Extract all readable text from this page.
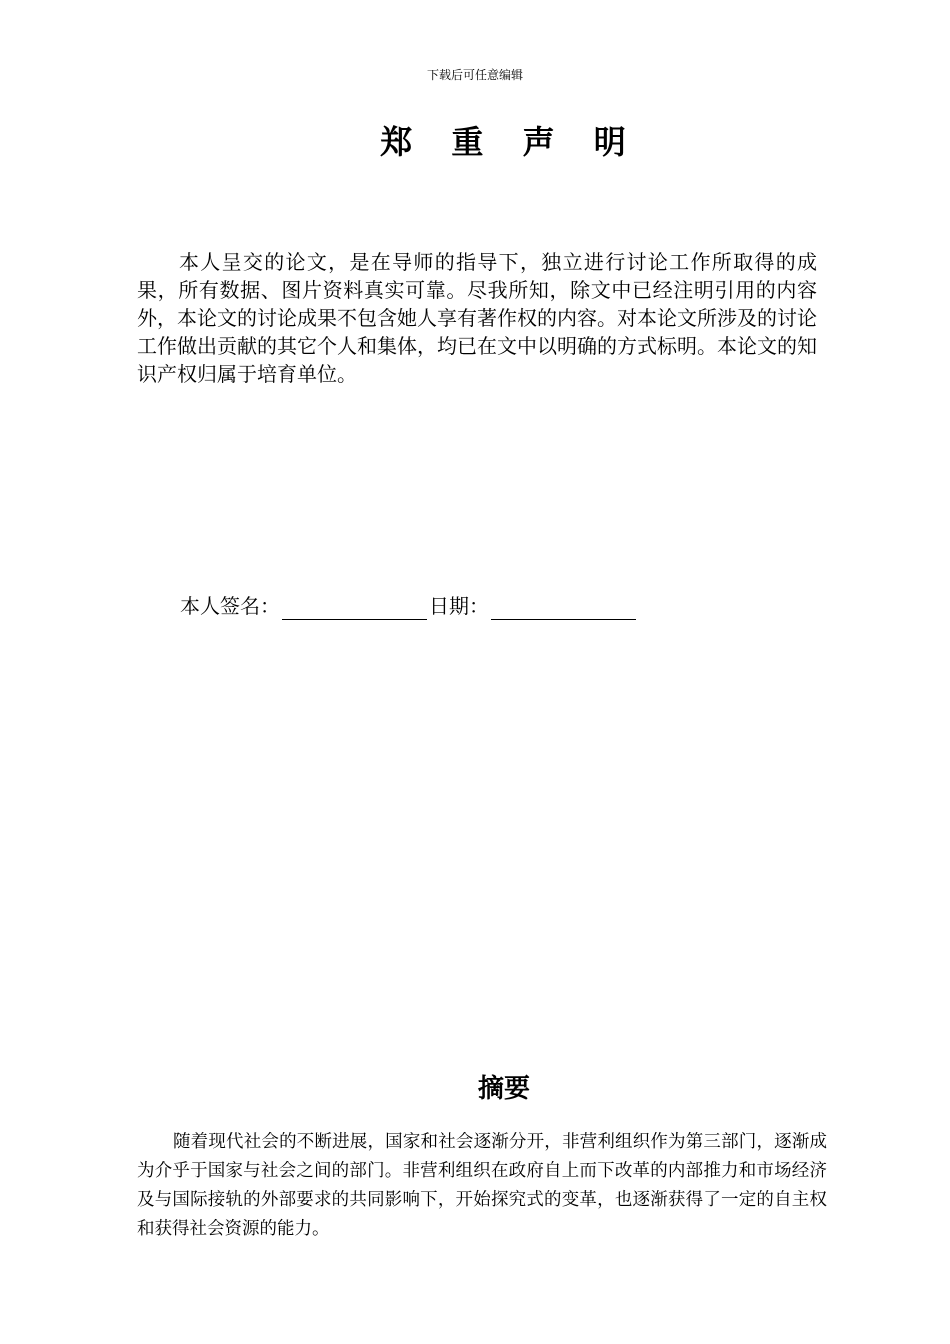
下载后可任意编辑
郑 重 声 明

本人呈交的论文，是在导师的指导下，独立进行讨论工作所取得的成果，所有数据、图片资料真实可靠。尽我所知，除文中已经注明引用的内容外，本论文的讨论成果不包含她人享有著作权的内容。对本论文所涉及的讨论工作做出贡献的其它个人和集体，均已在文中以明确的方式标明。本论文的知识产权归属于培育单位。

本人签名：	日期：
摘要

随着现代社会的不断进展，国家和社会逐渐分开，非营利组织作为第三部门，逐渐成为介乎于国家与社会之间的部门。非营利组织在政府自上而下改革的内部推力和市场经济及与国际接轨的外部要求的共同影响下，开始探究式的变革，也逐渐获得了一定的自主权和获得社会资源的能力。
